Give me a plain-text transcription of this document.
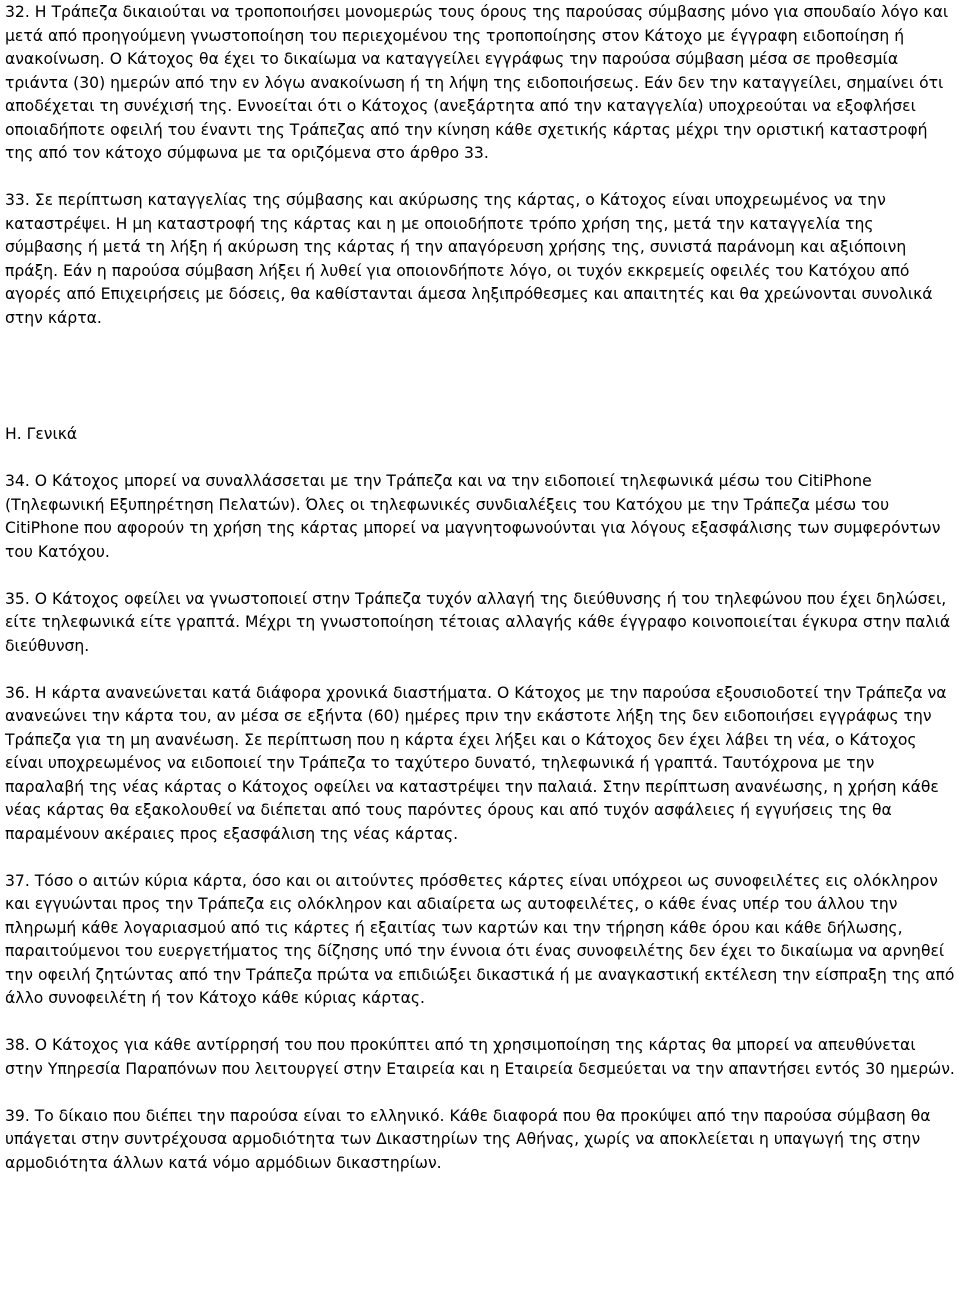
32. Η Τράπεζα δικαιούται να τροποποιήσει μονομερώς τους όρους της παρούσας σύμβασης μόνο για σπουδαίο λόγο και μετά από προηγούμενη γνωστοποίηση του περιεχομένου της τροποποίησης στον Κάτοχο με έγγραφη ειδοποίηση ή ανακοίνωση. Ο Κάτοχος θα έχει το δικαίωμα να καταγγείλει εγγράφως την παρούσα σύμβαση μέσα σε προθεσμία τριάντα (30) ημερών από την εν λόγω ανακοίνωση ή τη λήψη της ειδοποιήσεως. Εάν δεν την καταγγείλει, σημαίνει ότι αποδέχεται τη συνέχισή της. Εννοείται ότι ο Κάτοχος (ανεξάρτητα από την καταγγελία) υποχρεούται να εξοφλήσει οποιαδήποτε οφειλή του έναντι της Τράπεζας από την κίνηση κάθε σχετικής κάρτας μέχρι την οριστική καταστροφή της από τον κάτοχο σύμφωνα με τα οριζόμενα στο άρθρο 33.

33. Σε περίπτωση καταγγελίας της σύμβασης και ακύρωσης της κάρτας, ο Κάτοχος είναι υποχρεωμένος να την καταστρέψει. Η μη καταστροφή της κάρτας και η με οποιοδήποτε τρόπο χρήση της, μετά την καταγγελία της σύμβασης ή μετά τη λήξη ή ακύρωση της κάρτας ή την απαγόρευση χρήσης της, συνιστά παράνομη και αξιόποινη πράξη. Εάν η παρούσα σύμβαση λήξει ή λυθεί για οποιονδήποτε λόγο, οι τυχόν εκκρεμείς οφειλές του Κατόχου από αγορές από Επιχειρήσεις με δόσεις, θα καθίστανται άμεσα ληξιπρόθεσμες και απαιτητές και θα χρεώνονται συνολικά στην κάρτα.

Η. Γενικά

34. Ο Κάτοχος μπορεί να συναλλάσσεται με την Τράπεζα και να την ειδοποιεί τηλεφωνικά μέσω του CitiPhone (Τηλεφωνική Εξυπηρέτηση Πελατών). Όλες οι τηλεφωνικές συνδιαλέξεις του Κατόχου με την Τράπεζα μέσω του CitiPhone που αφορούν τη χρήση της κάρτας μπορεί να μαγνητοφωνούνται για λόγους εξασφάλισης των συμφερόντων του Κατόχου.

35. Ο Κάτοχος οφείλει να γνωστοποιεί στην Τράπεζα τυχόν αλλαγή της διεύθυνσης ή του τηλεφώνου που έχει δηλώσει, είτε τηλεφωνικά είτε γραπτά. Μέχρι τη γνωστοποίηση τέτοιας αλλαγής κάθε έγγραφο κοινοποιείται έγκυρα στην παλιά διεύθυνση.

36. Η κάρτα ανανεώνεται κατά διάφορα χρονικά διαστήματα. Ο Κάτοχος με την παρούσα εξουσιοδοτεί την Τράπεζα να ανανεώνει την κάρτα του, αν μέσα σε εξήντα (60) ημέρες πριν την εκάστοτε λήξη της δεν ειδοποιήσει εγγράφως την Τράπεζα για τη μη ανανέωση. Σε περίπτωση που η κάρτα έχει λήξει και ο Κάτοχος δεν έχει λάβει τη νέα, ο Κάτοχος είναι υποχρεωμένος να ειδοποιεί την Τράπεζα το ταχύτερο δυνατό, τηλεφωνικά ή γραπτά. Ταυτόχρονα με την παραλαβή της νέας κάρτας ο Κάτοχος οφείλει να καταστρέψει την παλαιά. Στην περίπτωση ανανέωσης, η χρήση κάθε νέας κάρτας θα εξακολουθεί να διέπεται από τους παρόντες όρους και από τυχόν ασφάλειες ή εγγυήσεις της θα παραμένουν ακέραιες προς εξασφάλιση της νέας κάρτας.

37. Τόσο ο αιτών κύρια κάρτα, όσο και οι αιτούντες πρόσθετες κάρτες είναι υπόχρεοι ως συνοφειλέτες εις ολόκληρον και εγγυώνται προς την Τράπεζα εις ολόκληρον και αδιαίρετα ως αυτοφειλέτες, ο κάθε ένας υπέρ του άλλου την πληρωμή κάθε λογαριασμού από τις κάρτες ή εξαιτίας των καρτών και την τήρηση κάθε όρου και κάθε δήλωσης, παραιτούμενοι του ευεργετήματος της δίζησης υπό την έννοια ότι ένας συνοφειλέτης δεν έχει το δικαίωμα να αρνηθεί την οφειλή ζητώντας από την Τράπεζα πρώτα να επιδιώξει δικαστικά ή με αναγκαστική εκτέλεση την είσπραξη της από άλλο συνοφειλέτη ή τον Κάτοχο κάθε κύριας κάρτας.

38. Ο Κάτοχος για κάθε αντίρρησή του που προκύπτει από τη χρησιμοποίηση της κάρτας θα μπορεί να απευθύνεται στην Υπηρεσία Παραπόνων που λειτουργεί στην Εταιρεία και η Εταιρεία δεσμεύεται να την απαντήσει εντός 30 ημερών.

39. Το δίκαιο που διέπει την παρούσα είναι το ελληνικό. Κάθε διαφορά που θα προκύψει από την παρούσα σύμβαση θα υπάγεται στην συντρέχουσα αρμοδιότητα των Δικαστηρίων της Αθήνας, χωρίς να αποκλείεται η υπαγωγή της στην αρμοδιότητα άλλων κατά νόμο αρμόδιων δικαστηρίων.
